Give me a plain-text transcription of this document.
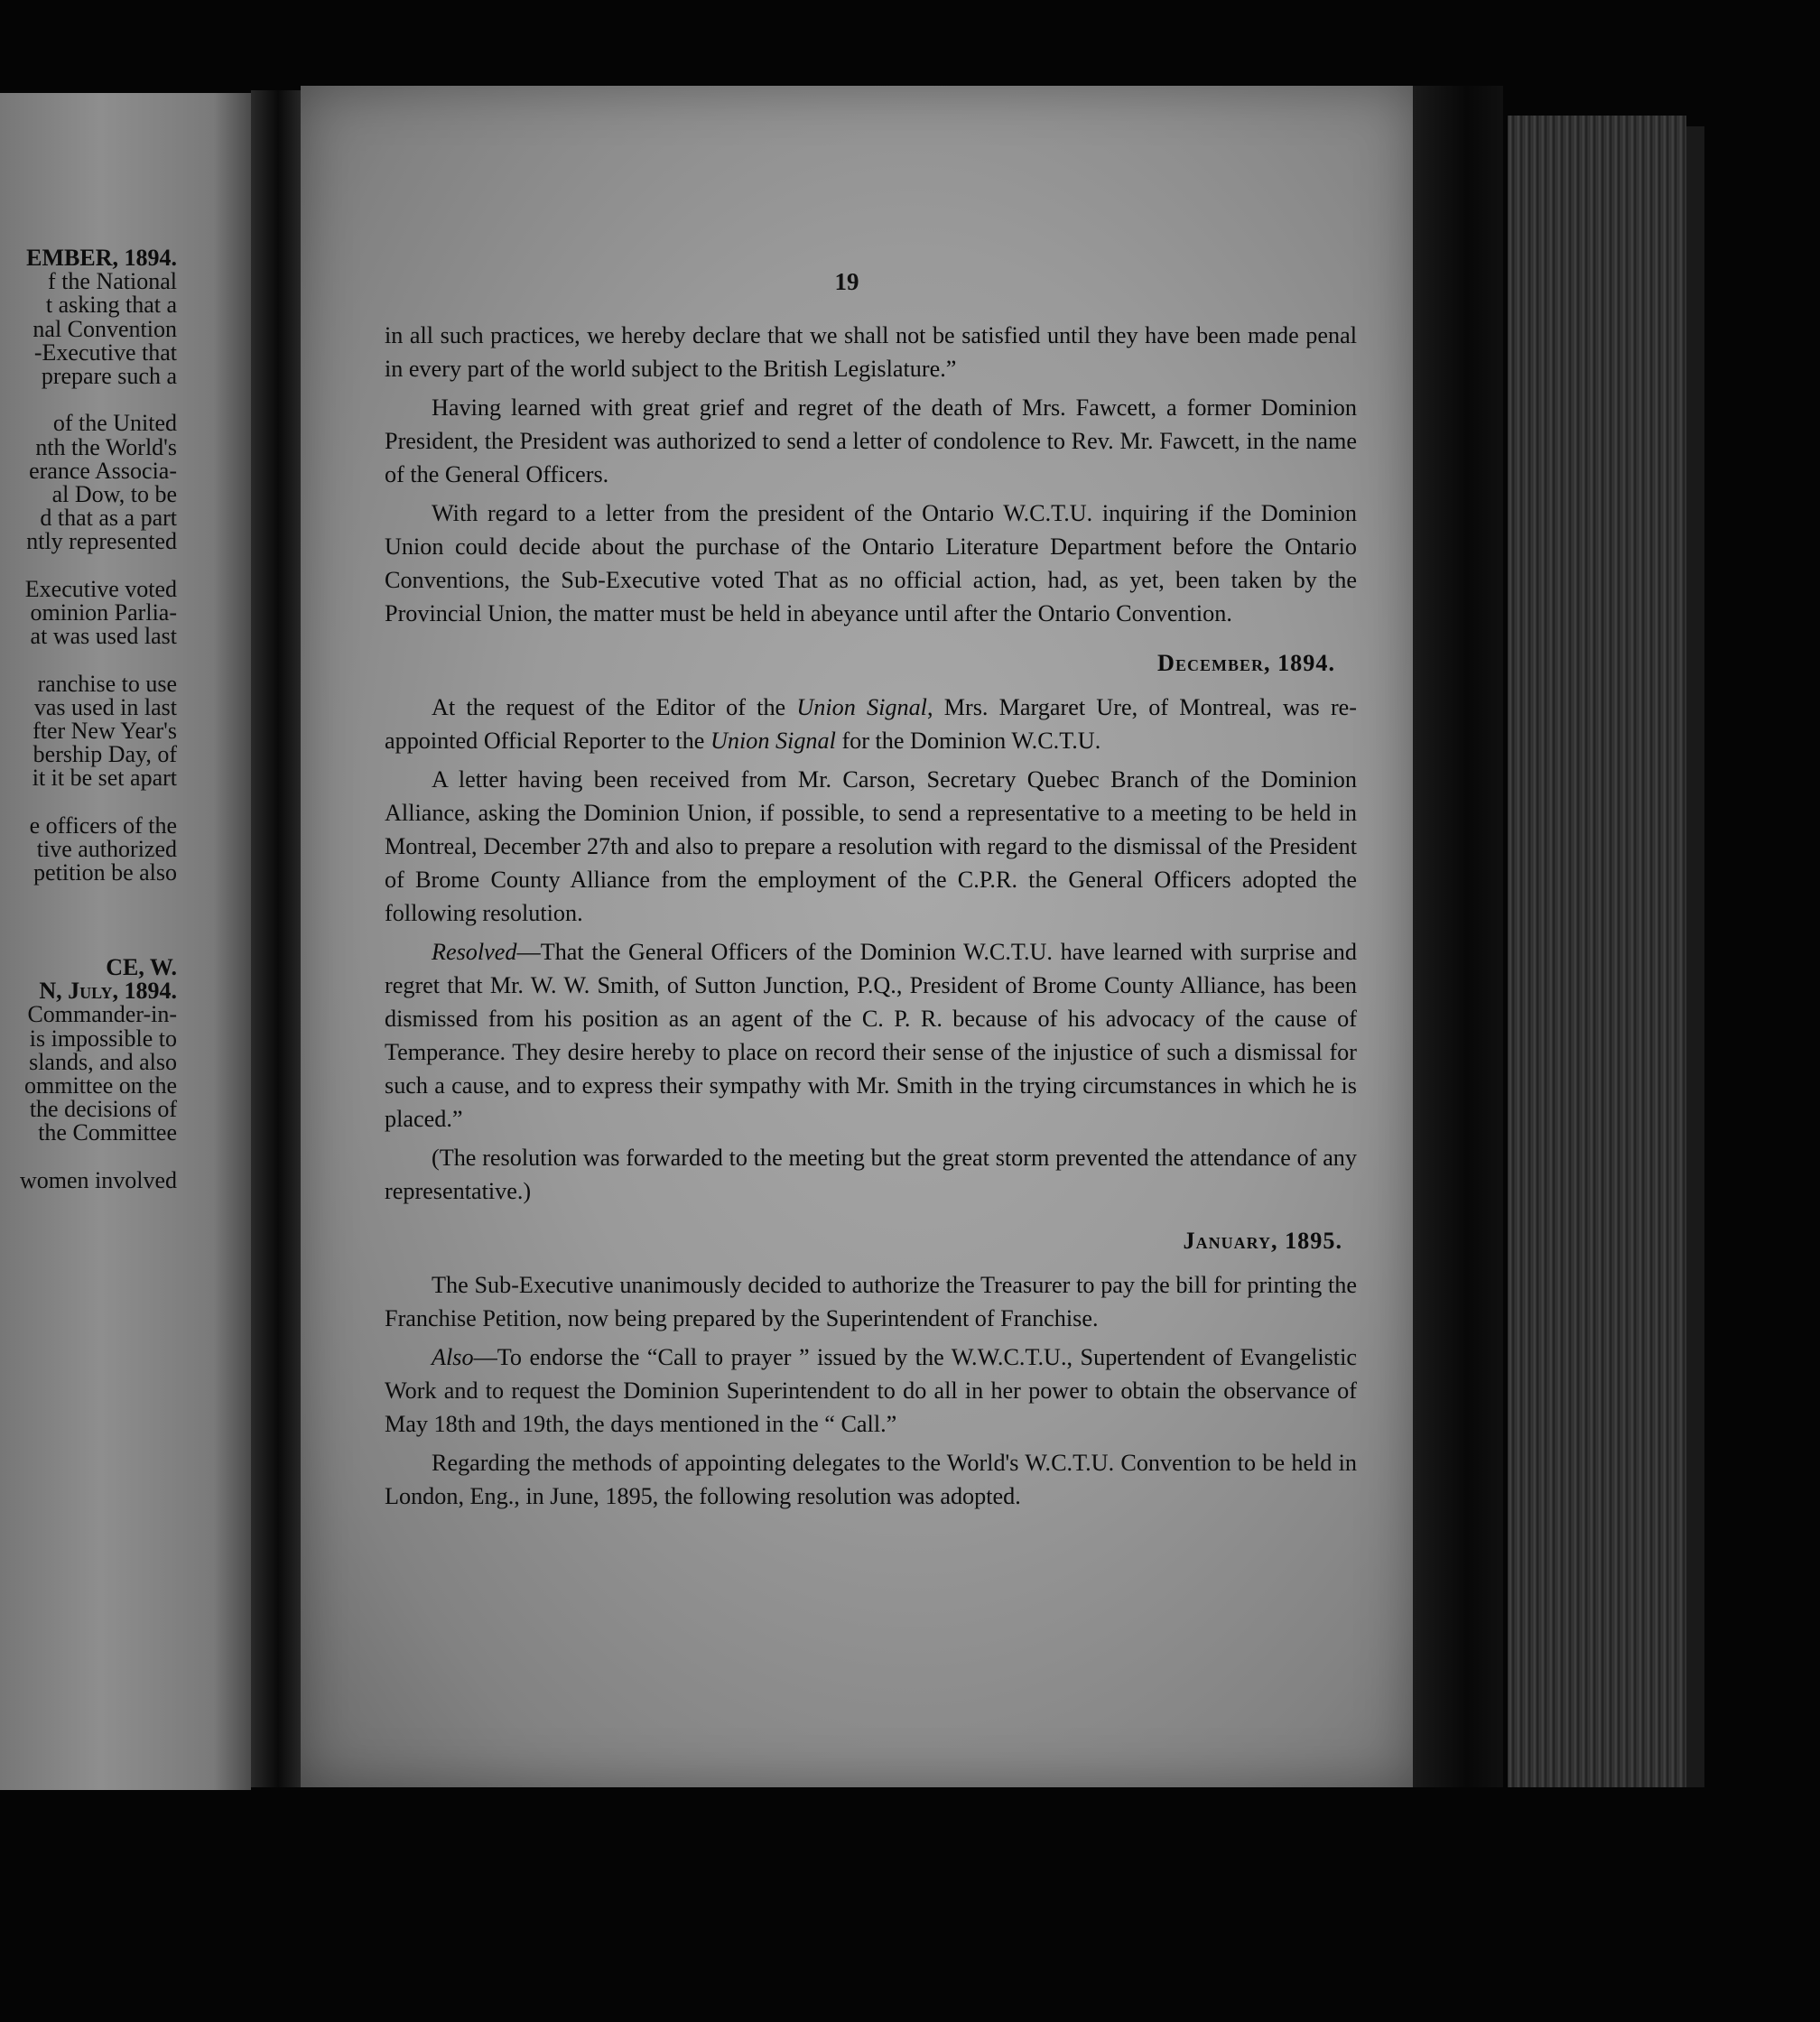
ЕМВЕR, 1894.
f the National
t asking that a
nal Convention
-Executive that
prepare such a
of the United
nth the World's
erance Associa-
al Dow, to be
d that as a part
ntly represented
Executive voted
ominion Parlia-
at was used last
ranchise to use
vas used in last
fter New Year's
bership Day, of
it it be set apart
e officers of the
tive authorized
petition be also
CE, W.
N, July, 1894.
Commander-in-
is impossible to
slands, and also
ommittee on the
the decisions of
the Committee
women involved
19

in all such practices, we hereby declare that we shall not be satisfied until they have been made penal in every part of the world subject to the British Legislature.”

Having learned with great grief and regret of the death of Mrs. Fawcett, a former Dominion President, the President was authorized to send a letter of condolence to Rev. Mr. Fawcett, in the name of the General Officers.

With regard to a letter from the president of the Ontario W.C.T.U. inquiring if the Dominion Union could decide about the purchase of the Ontario Literature Department before the Ontario Conventions, the Sub-Executive voted That as no official action, had, as yet, been taken by the Provincial Union, the matter must be held in abeyance until after the Ontario Convention.

December, 1894.

At the request of the Editor of the Union Signal, Mrs. Margaret Ure, of Montreal, was re-appointed Official Reporter to the Union Signal for the Dominion W.C.T.U.

A letter having been received from Mr. Carson, Secretary Quebec Branch of the Dominion Alliance, asking the Dominion Union, if possible, to send a representative to a meeting to be held in Montreal, December 27th and also to prepare a resolution with regard to the dismissal of the President of Brome County Alliance from the employment of the C.P.R. the General Officers adopted the following resolution.

Resolved—That the General Officers of the Dominion W.C.T.U. have learned with surprise and regret that Mr. W. W. Smith, of Sutton Junction, P.Q., President of Brome County Alliance, has been dismissed from his position as an agent of the C. P. R. because of his advocacy of the cause of Temperance. They desire hereby to place on record their sense of the injustice of such a dismissal for such a cause, and to express their sympathy with Mr. Smith in the trying circumstances in which he is placed.”

(The resolution was forwarded to the meeting but the great storm prevented the attendance of any representative.)

January, 1895.

The Sub-Executive unanimously decided to authorize the Treasurer to pay the bill for printing the Franchise Petition, now being prepared by the Superintendent of Franchise.

Also—To endorse the “Call to prayer ” issued by the W.W.C.T.U., Supertendent of Evangelistic Work and to request the Dominion Superintendent to do all in her power to obtain the observance of May 18th and 19th, the days mentioned in the “ Call.”

Regarding the methods of appointing delegates to the World's W.C.T.U. Convention to be held in London, Eng., in June, 1895, the following resolution was adopted.
